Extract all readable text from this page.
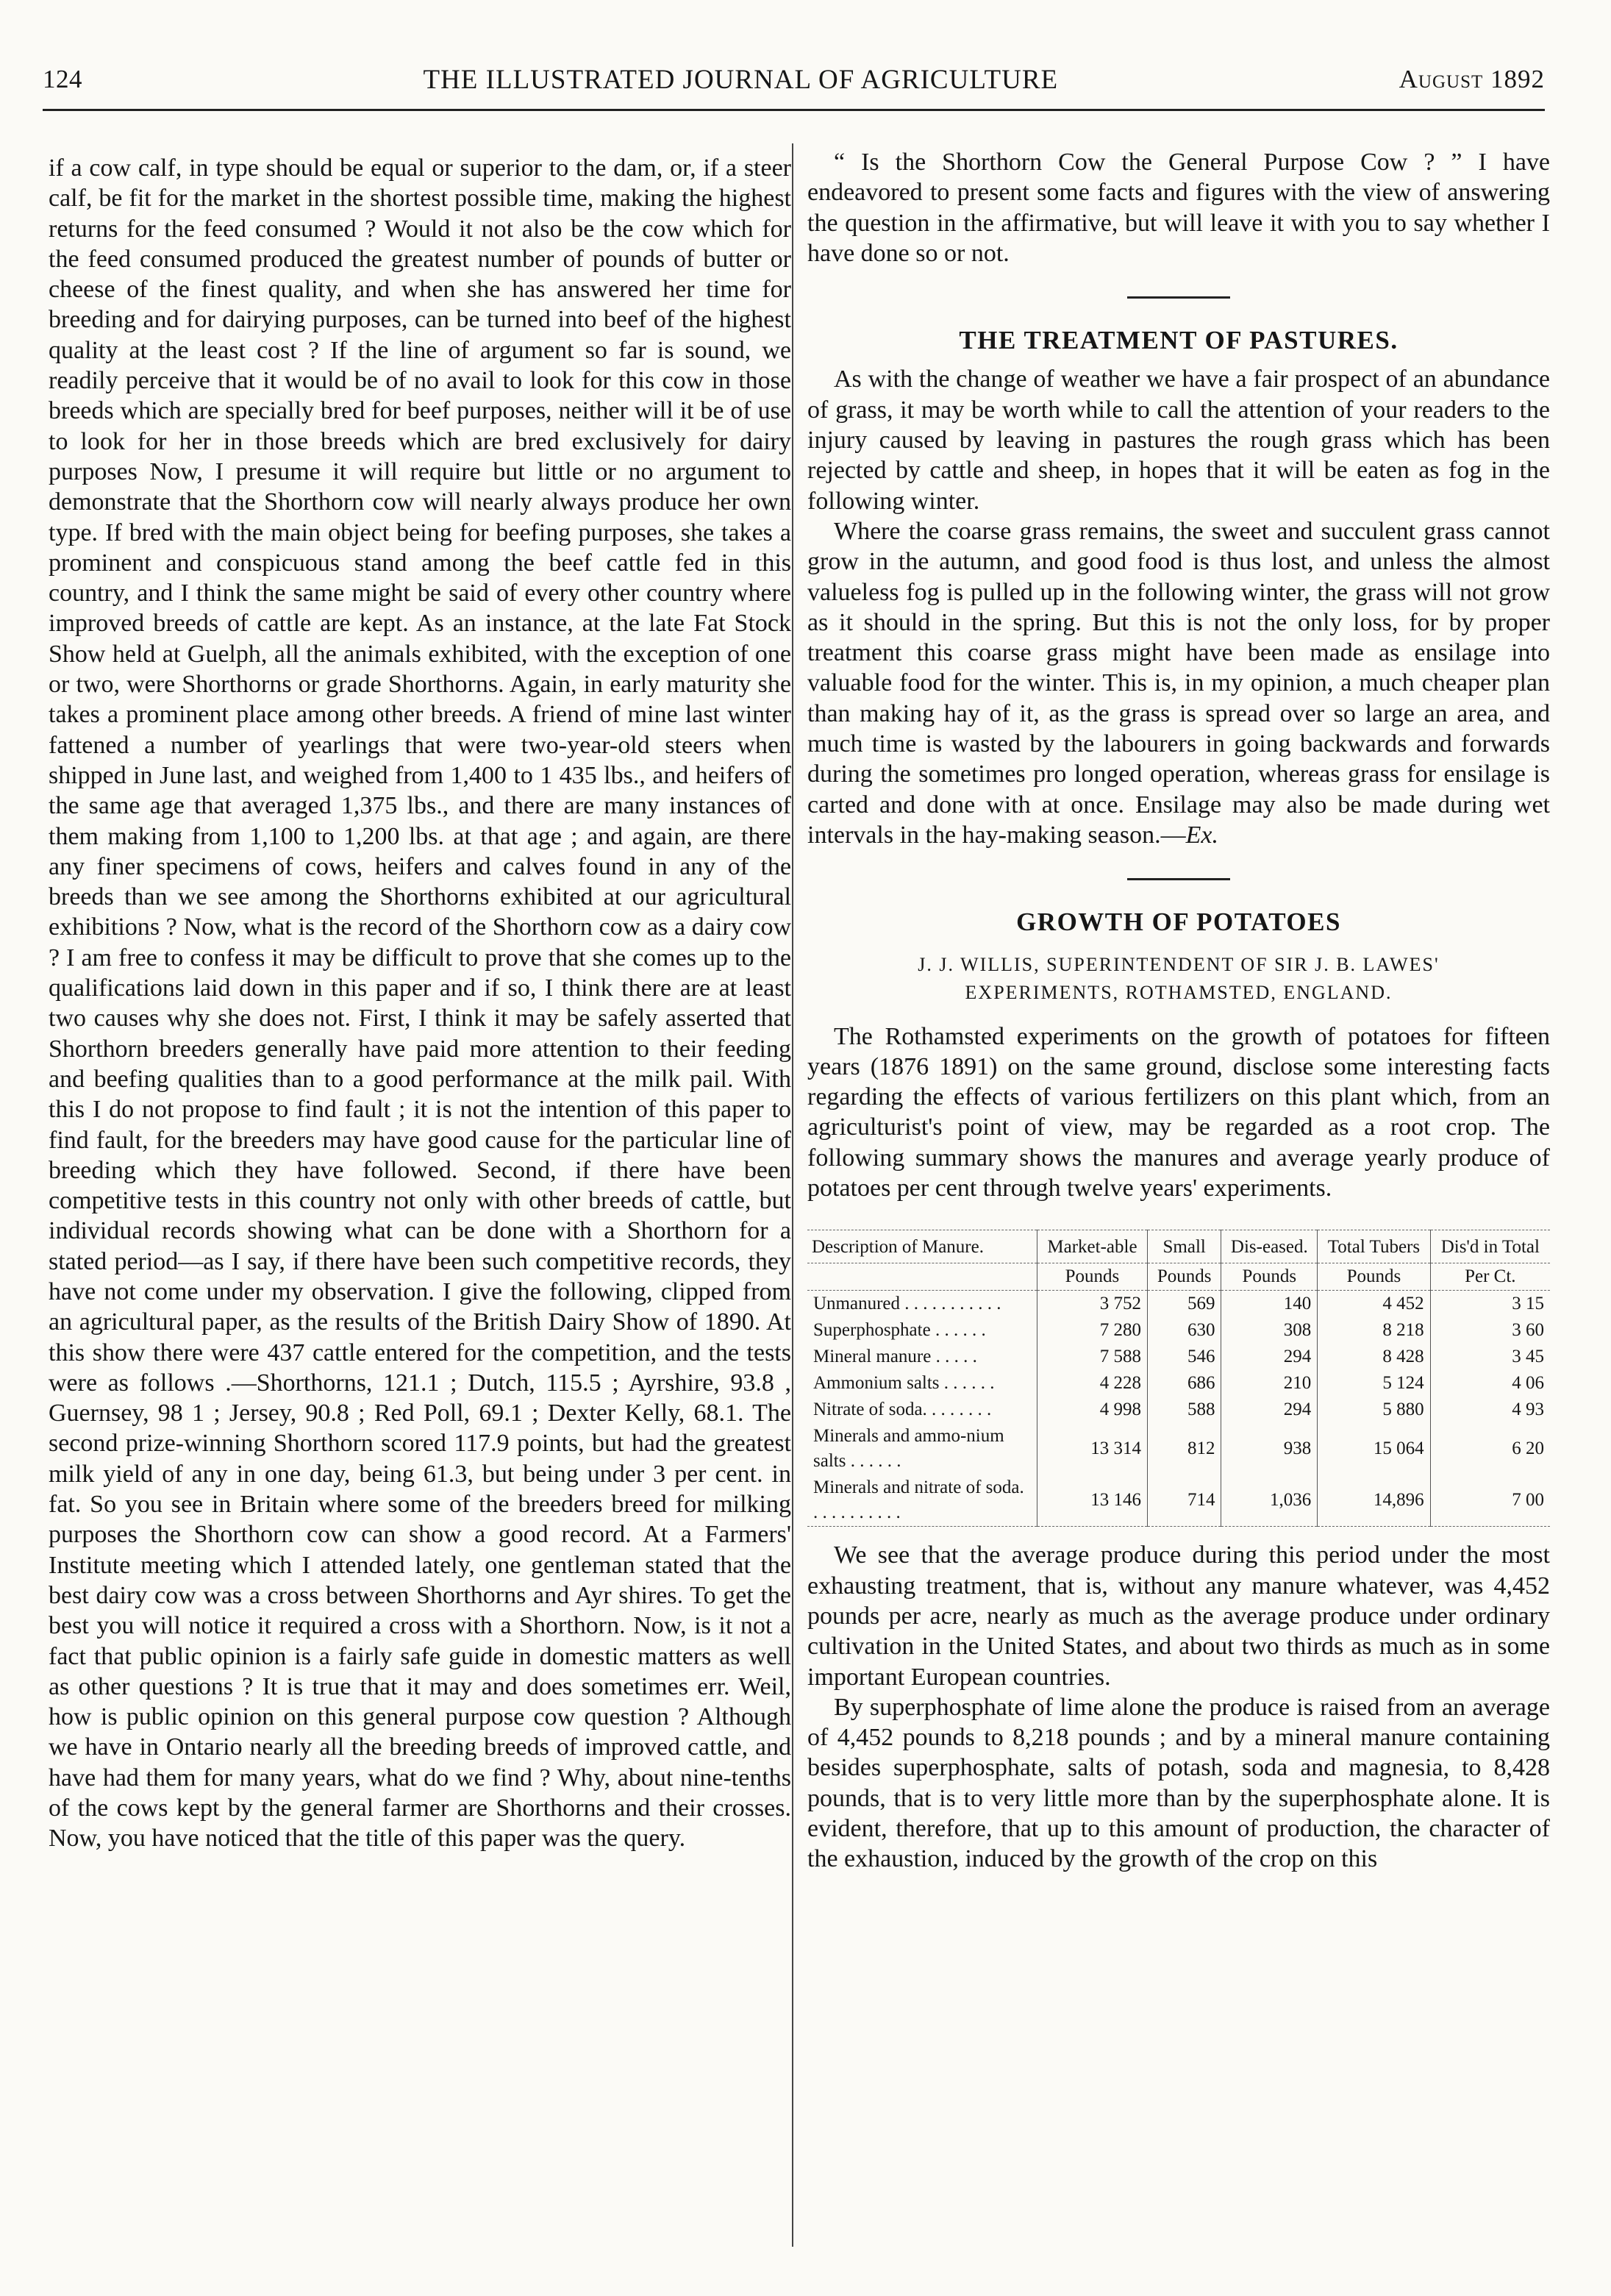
124	THE ILLUSTRATED JOURNAL OF AGRICULTURE	August 1892

if a cow calf, in type should be equal or superior to the dam, or, if a steer calf, be fit for the market in the shortest possible time, making the highest returns for the feed consumed ? Would it not also be the cow which for the feed consumed produced the greatest number of pounds of butter or cheese of the finest quality, and when she has answered her time for breeding and for dairying purposes, can be turned into beef of the highest quality at the least cost ? If the line of argument so far is sound, we readily perceive that it would be of no avail to look for this cow in those breeds which are specially bred for beef purposes, neither will it be of use to look for her in those breeds which are bred exclusively for dairy purposes Now, I presume it will require but little or no argument to demonstrate that the Shorthorn cow will nearly always produce her own type. If bred with the main object being for beefing purposes, she takes a prominent and conspicuous stand among the beef cattle fed in this country, and I think the same might be said of every other country where improved breeds of cattle are kept. As an instance, at the late Fat Stock Show held at Guelph, all the animals exhibited, with the exception of one or two, were Shorthorns or grade Shorthorns. Again, in early maturity she takes a prominent place among other breeds. A friend of mine last winter fattened a number of yearlings that were two-year-old steers when shipped in June last, and weighed from 1,400 to 1 435 lbs., and heifers of the same age that averaged 1,375 lbs., and there are many instances of them making from 1,100 to 1,200 lbs. at that age ; and again, are there any finer specimens of cows, heifers and calves found in any of the breeds than we see among the Shorthorns exhibited at our agricultural exhibitions ? Now, what is the record of the Shorthorn cow as a dairy cow ? I am free to confess it may be difficult to prove that she comes up to the qualifications laid down in this paper and if so, I think there are at least two causes why she does not. First, I think it may be safely asserted that Shorthorn breeders generally have paid more attention to their feeding and beefing qualities than to a good performance at the milk pail. With this I do not propose to find fault ; it is not the intention of this paper to find fault, for the breeders may have good cause for the particular line of breeding which they have followed. Second, if there have been competitive tests in this country not only with other breeds of cattle, but individual records showing what can be done with a Shorthorn for a stated period—as I say, if there have been such competitive records, they have not come under my observation. I give the following, clipped from an agricultural paper, as the results of the British Dairy Show of 1890. At this show there were 437 cattle entered for the competition, and the tests were as follows .—Shorthorns, 121.1 ; Dutch, 115.5 ; Ayrshire, 93.8 , Guernsey, 98 1 ; Jersey, 90.8 ; Red Poll, 69.1 ; Dexter Kelly, 68.1. The second prize-winning Shorthorn scored 117.9 points, but had the greatest milk yield of any in one day, being 61.3, but being under 3 per cent. in fat. So you see in Britain where some of the breeders breed for milking purposes the Shorthorn cow can show a good record. At a Farmers' Institute meeting which I attended lately, one gentleman stated that the best dairy cow was a cross between Shorthorns and Ayr shires. To get the best you will notice it required a cross with a Shorthorn. Now, is it not a fact that public opinion is a fairly safe guide in domestic matters as well as other questions ? It is true that it may and does sometimes err. Weil, how is public opinion on this general purpose cow question ? Although we have in Ontario nearly all the breeding breeds of improved cattle, and have had them for many years, what do we find ? Why, about nine-tenths of the cows kept by the general farmer are Shorthorns and their crosses. Now, you have noticed that the title of this paper was the query.

“ Is the Shorthorn Cow the General Purpose Cow ? ” I have endeavored to present some facts and figures with the view of answering the question in the affirmative, but will leave it with you to say whether I have done so or not.

THE TREATMENT OF PASTURES.

As with the change of weather we have a fair prospect of an abundance of grass, it may be worth while to call the attention of your readers to the injury caused by leaving in pastures the rough grass which has been rejected by cattle and sheep, in hopes that it will be eaten as fog in the following winter.

Where the coarse grass remains, the sweet and succulent grass cannot grow in the autumn, and good food is thus lost, and unless the almost valueless fog is pulled up in the following winter, the grass will not grow as it should in the spring. But this is not the only loss, for by proper treatment this coarse grass might have been made as ensilage into valuable food for the winter. This is, in my opinion, a much cheaper plan than making hay of it, as the grass is spread over so large an area, and much time is wasted by the labourers in going backwards and forwards during the sometimes pro longed operation, whereas grass for ensilage is carted and done with at once. Ensilage may also be made during wet intervals in the hay-making season.—Ex.

GROWTH OF POTATOES
J. J. WILLIS, SUPERINTENDENT OF SIR J. B. LAWES'
EXPERIMENTS, ROTHAMSTED, ENGLAND.

The Rothamsted experiments on the growth of potatoes for fifteen years (1876 1891) on the same ground, disclose some interesting facts regarding the effects of various fertilizers on this plant which, from an agriculturist's point of view, may be regarded as a root crop. The following summary shows the manures and average yearly produce of potatoes per cent through twelve years' experiments.

Description of Manure.	Market-able	Small	Dis-eased.	Total Tubers	Dis'd in Total
	Pounds	Pounds	Pounds	Pounds	Per Ct.
Unmanured . . . . . . . . . . .	3 752	569	140	4 452	3 15
Superphosphate . . . . . .	7 280	630	308	8 218	3 60
Mineral manure . . . . .	7 588	546	294	8 428	3 45
Ammonium salts . . . . . .	4 228	686	210	5 124	4 06
Nitrate of soda. . . . . . . .	4 998	588	294	5 880	4 93
Minerals and ammo-nium salts . . . . . .	13 314	812	938	15 064	6 20
Minerals and nitrate of soda. . . . . . . . . . .	13 146	714	1,036	14,896	7 00

We see that the average produce during this period under the most exhausting treatment, that is, without any manure whatever, was 4,452 pounds per acre, nearly as much as the average produce under ordinary cultivation in the United States, and about two thirds as much as in some important European countries.

By superphosphate of lime alone the produce is raised from an average of 4,452 pounds to 8,218 pounds ; and by a mineral manure containing besides superphosphate, salts of potash, soda and magnesia, to 8,428 pounds, that is to very little more than by the superphosphate alone. It is evident, therefore, that up to this amount of production, the character of the exhaustion, induced by the growth of the crop on this
